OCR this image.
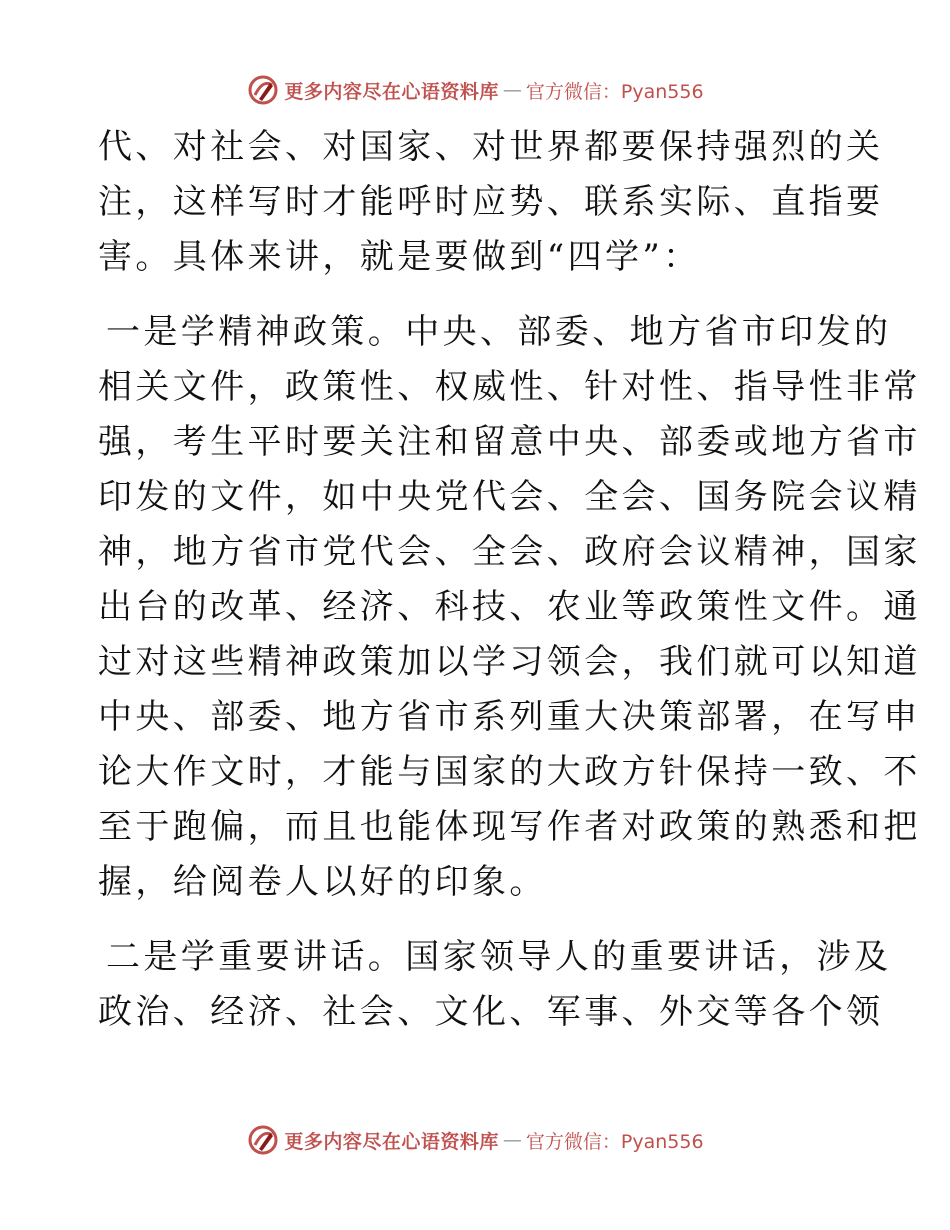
更多内容尽在心语资料库 — 官方微信：Pyan556
代、对社会、对国家、对世界都要保持强烈的关
注，这样写时才能呼时应势、联系实际、直指要
害。具体来讲，就是要做到“四学”：
一是学精神政策。中央、部委、地方省市印发的
相关文件，政策性、权威性、针对性、指导性非常
强，考生平时要关注和留意中央、部委或地方省市
印发的文件，如中央党代会、全会、国务院会议精
神，地方省市党代会、全会、政府会议精神，国家
出台的改革、经济、科技、农业等政策性文件。通
过对这些精神政策加以学习领会，我们就可以知道
中央、部委、地方省市系列重大决策部署，在写申
论大作文时，才能与国家的大政方针保持一致、不
至于跑偏，而且也能体现写作者对政策的熟悉和把
握，给阅卷人以好的印象。
二是学重要讲话。国家领导人的重要讲话，涉及
政治、经济、社会、文化、军事、外交等各个领
更多内容尽在心语资料库 — 官方微信：Pyan556
